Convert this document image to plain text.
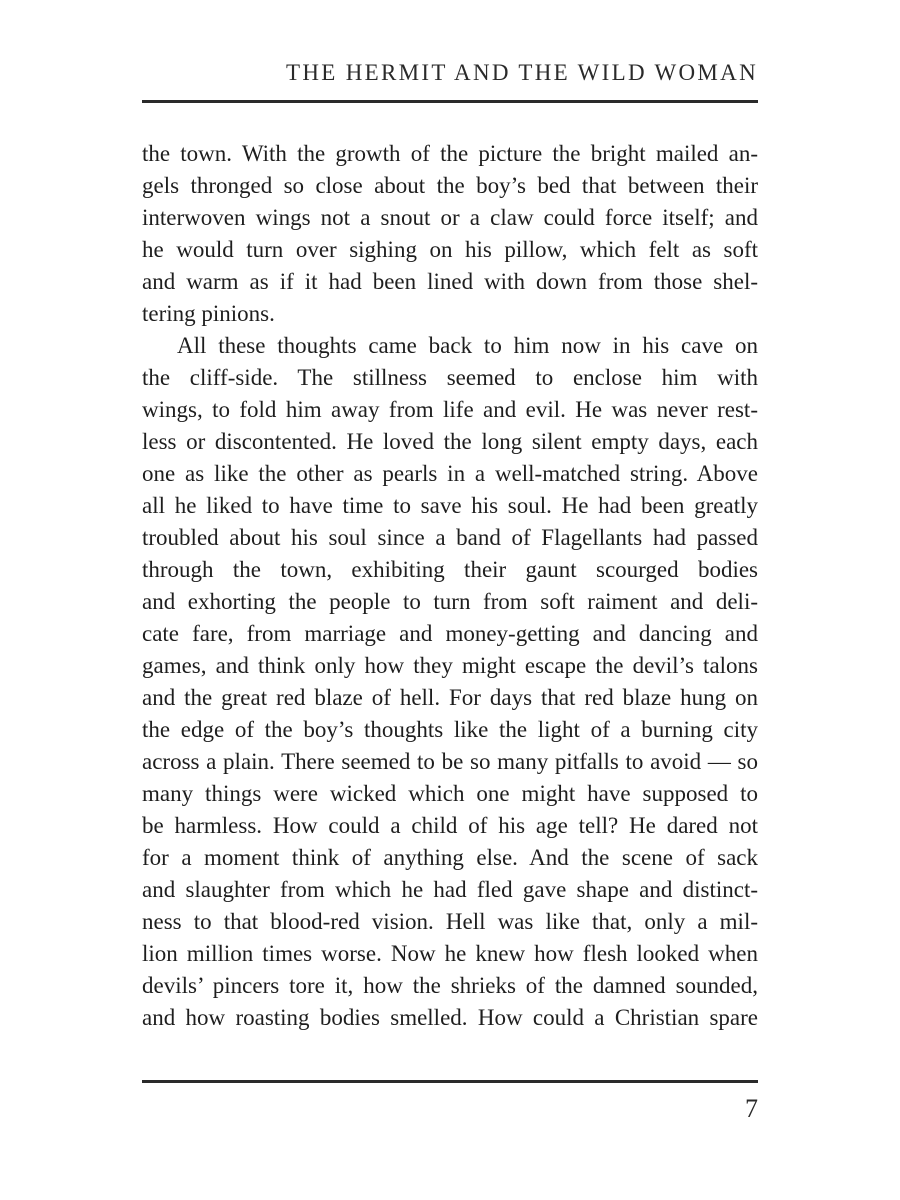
THE HERMIT AND THE WILD WOMAN
the town. With the growth of the picture the bright mailed an-
gels thronged so close about the boy’s bed that between their
interwoven wings not a snout or a claw could force itself; and
he would turn over sighing on his pillow, which felt as soft
and warm as if it had been lined with down from those shel-
tering pinions.
All these thoughts came back to him now in his cave on
the cliff-side. The stillness seemed to enclose him with
wings, to fold him away from life and evil. He was never rest-
less or discontented. He loved the long silent empty days, each
one as like the other as pearls in a well-matched string. Above
all he liked to have time to save his soul. He had been greatly
troubled about his soul since a band of Flagellants had passed
through the town, exhibiting their gaunt scourged bodies
and exhorting the people to turn from soft raiment and deli-
cate fare, from marriage and money-getting and dancing and
games, and think only how they might escape the devil’s talons
and the great red blaze of hell. For days that red blaze hung on
the edge of the boy’s thoughts like the light of a burning city
across a plain. There seemed to be so many pitfalls to avoid — so
many things were wicked which one might have supposed to
be harmless. How could a child of his age tell? He dared not
for a moment think of anything else. And the scene of sack
and slaughter from which he had fled gave shape and distinct-
ness to that blood-red vision. Hell was like that, only a mil-
lion million times worse. Now he knew how flesh looked when
devils’ pincers tore it, how the shrieks of the damned sounded,
and how roasting bodies smelled. How could a Christian spare
7
